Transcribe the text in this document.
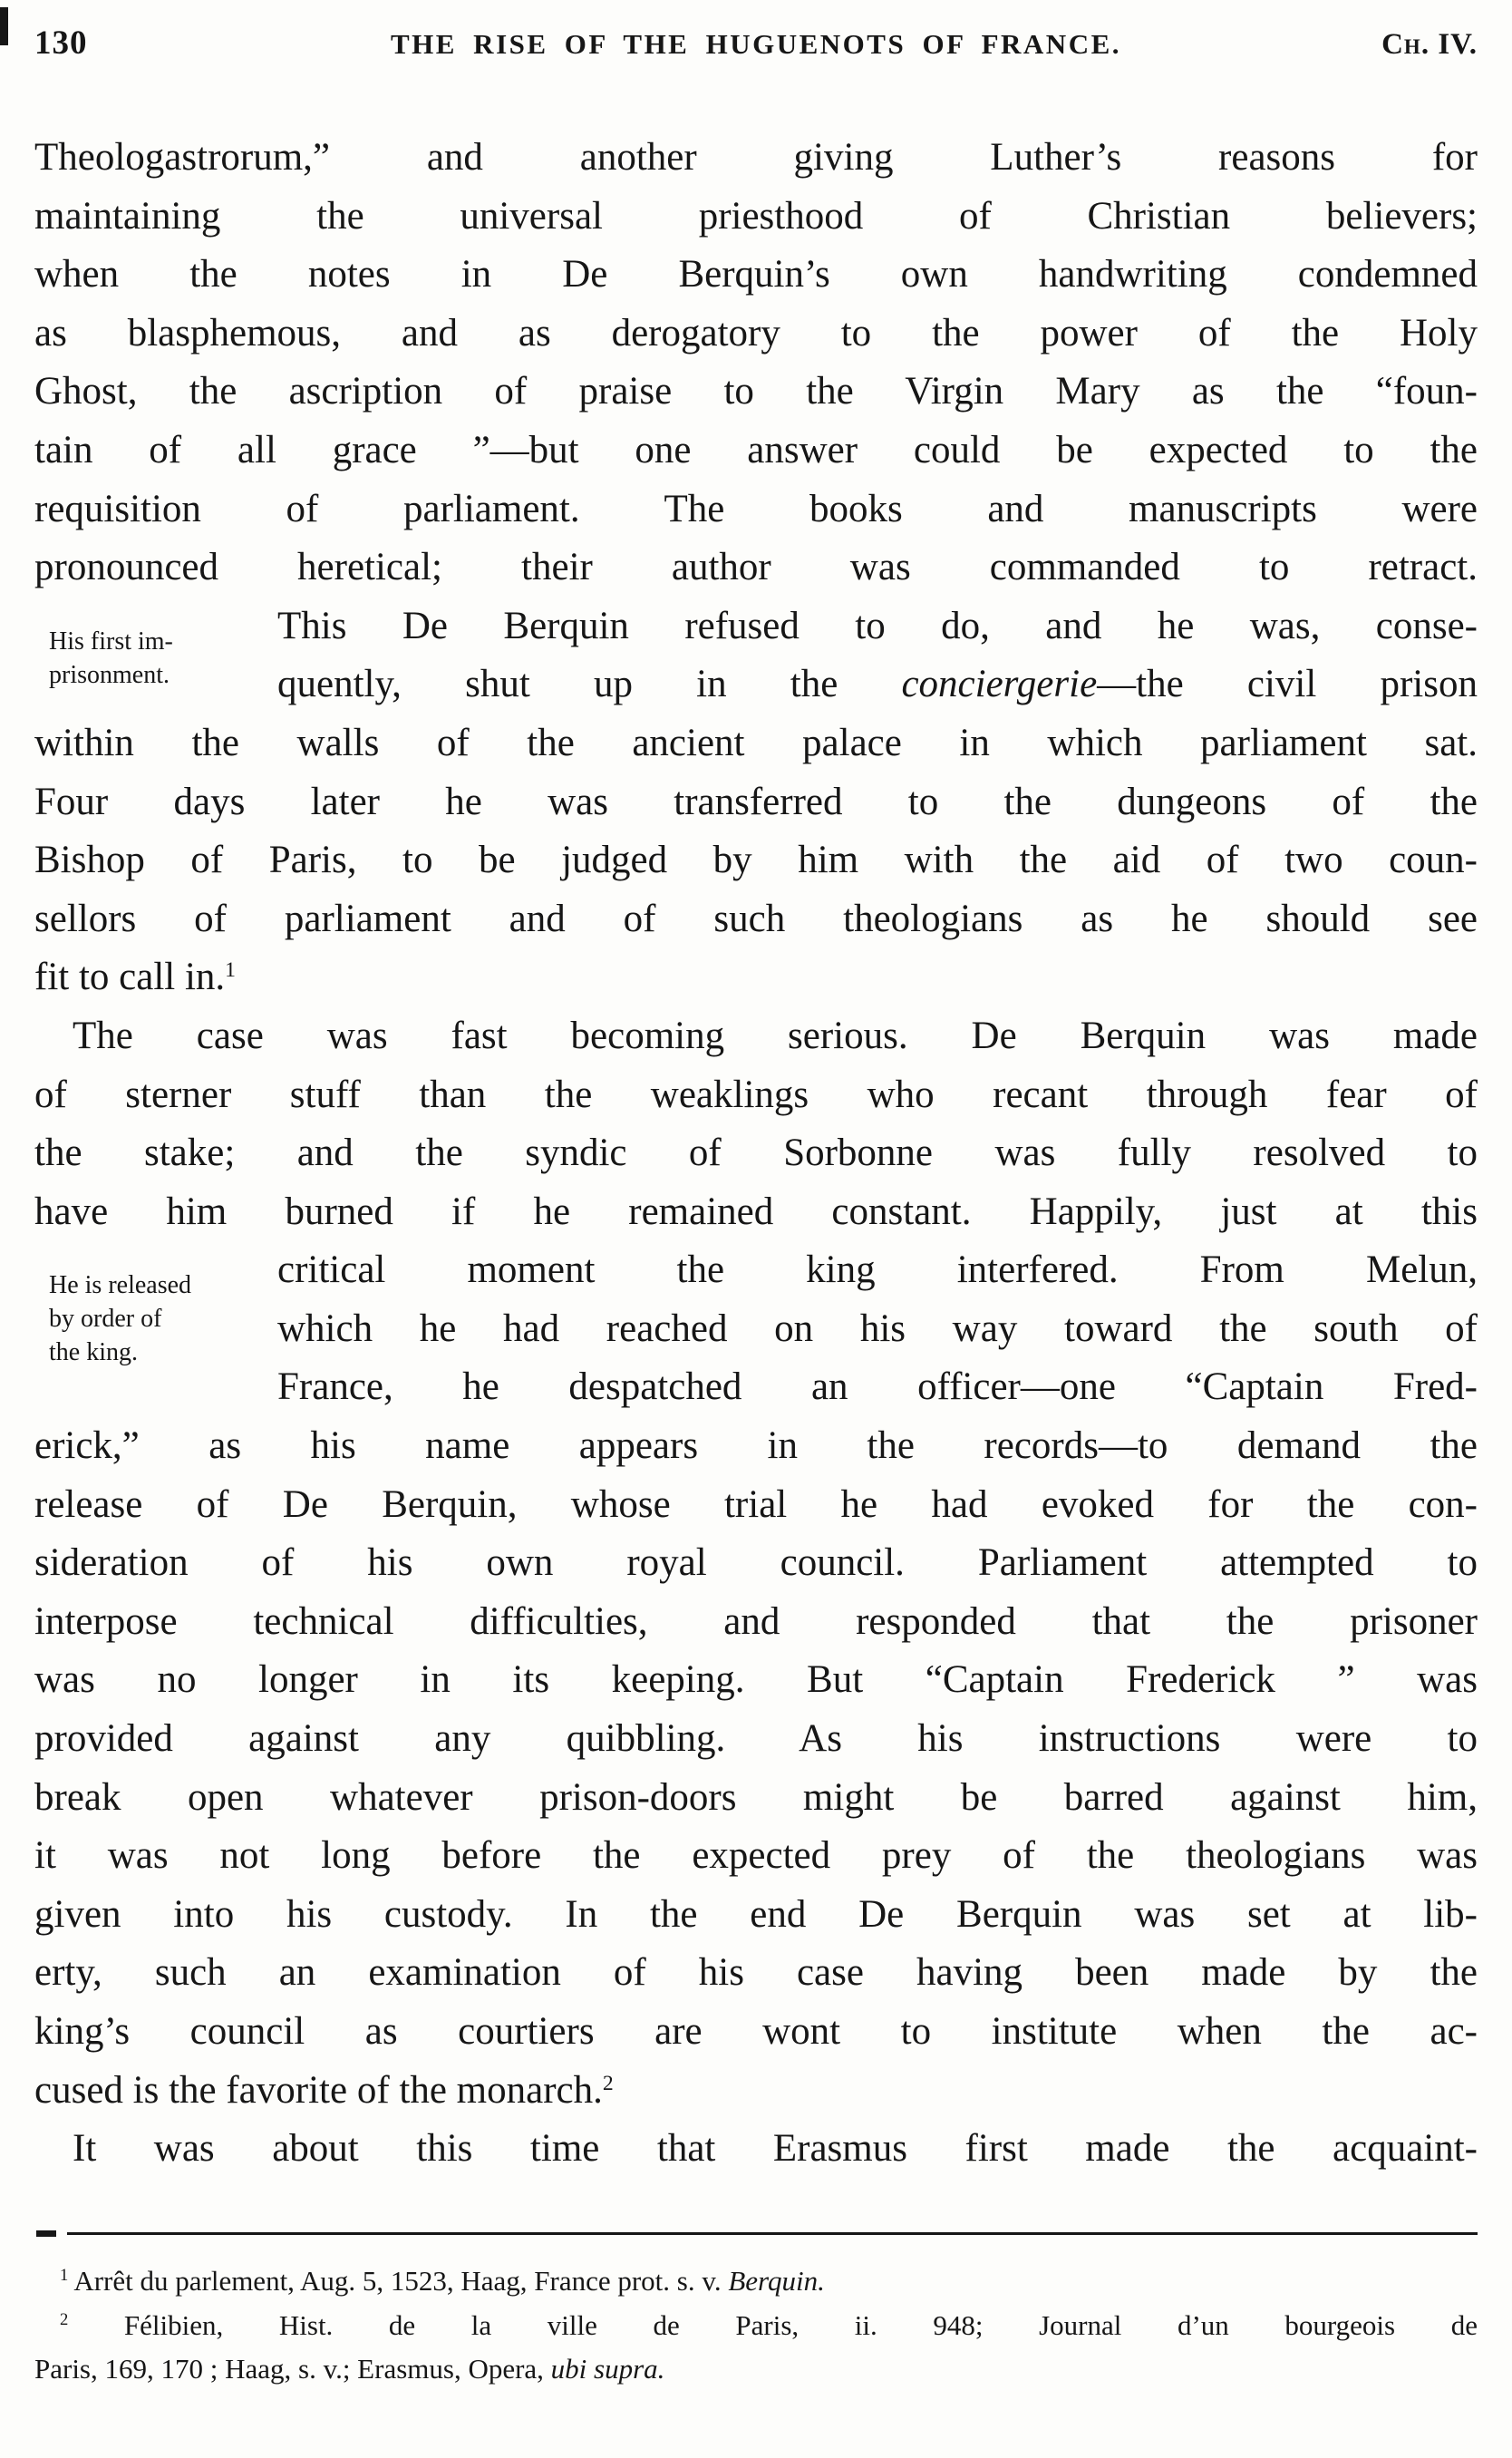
130	THE RISE OF THE HUGUENOTS OF FRANCE.	Ch. IV.
Theologastrorum,” and another giving Luther’s reasons for
maintaining the universal priesthood of Christian believers;
when the notes in De Berquin’s own handwriting condemned
as blasphemous, and as derogatory to the power of the Holy
Ghost, the ascription of praise to the Virgin Mary as the “foun-
tain of all grace ”—but one answer could be expected to the
requisition of parliament. The books and manuscripts were
pronounced heretical; their author was commanded to retract.
His first im-
prisonment.
This De Berquin refused to do, and he was, conse-
quently, shut up in the conciergerie—the civil prison
within the walls of the ancient palace in which parliament sat.
Four days later he was transferred to the dungeons of the
Bishop of Paris, to be judged by him with the aid of two coun-
sellors of parliament and of such theologians as he should see
fit to call in.$^1$
The case was fast becoming serious. De Berquin was made
of sterner stuff than the weaklings who recant through fear of
the stake; and the syndic of Sorbonne was fully resolved to
have him burned if he remained constant. Happily, just at this
He is released
by order of
the king.
critical moment the king interfered. From Melun,
which he had reached on his way toward the south of
France, he despatched an officer—one “Captain Fred-
erick,” as his name appears in the records—to demand the
release of De Berquin, whose trial he had evoked for the con-
sideration of his own royal council. Parliament attempted to
interpose technical difficulties, and responded that the prisoner
was no longer in its keeping. But “Captain Frederick ” was
provided against any quibbling. As his instructions were to
break open whatever prison-doors might be barred against him,
it was not long before the expected prey of the theologians was
given into his custody. In the end De Berquin was set at lib-
erty, such an examination of his case having been made by the
king’s council as courtiers are wont to institute when the ac-
cused is the favorite of the monarch.$^2$
It was about this time that Erasmus first made the acquaint-
$^1$ Arrêt du parlement, Aug. 5, 1523, Haag, France prot. s. v. Berquin.
$^2$ Félibien, Hist. de la ville de Paris, ii. 948; Journal d’un bourgeois de
Paris, 169, 170 ; Haag, s. v.; Erasmus, Opera, ubi supra.
